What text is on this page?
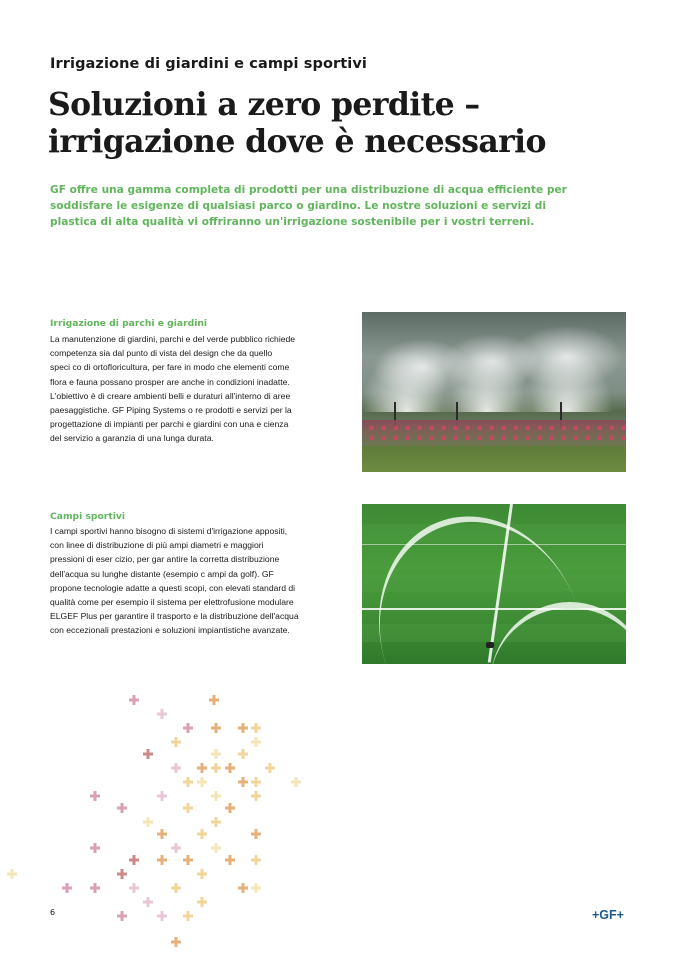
Irrigazione di giardini e campi sportivi
Soluzioni a zero perdite –
irrigazione dove è necessario
GF offre una gamma completa di prodotti per una distribuzione di acqua efficiente per
soddisfare le esigenze di qualsiasi parco o giardino. Le nostre soluzioni e servizi di
plastica di alta qualità vi offriranno un'irrigazione sostenibile per i vostri terreni.
Irrigazione di parchi e giardini
La manutenzione di giardini, parchi e del verde pubblico richiede
competenza sia dal punto di vista del design che da quello
speci co di ortofloricultura, per fare in modo che elementi come
flora e fauna possano prosper are anche in condizioni inadatte.
L'obiettivo è di creare ambienti belli e duraturi all'interno di aree
paesaggistiche. GF Piping Systems o re prodotti e servizi per la
progettazione di impianti per parchi e giardini con una e cienza
del servizio a garanzia di una lunga durata.
Campi sportivi
I campi sportivi hanno bisogno di sistemi d'irrigazione appositi,
con linee di distribuzione di più ampi diametri e maggiori
pressioni di eser cizio, per gar antire la corretta distribuzione
dell'acqua su lunghe distante (esempio c ampi da golf). GF
propone tecnologie adatte a questi scopi, con elevati standard di
qualità come per esempio il sistema per elettrofusione modulare
ELGEF Plus per garantire il trasporto e la distribuzione dell'acqua
con eccezionali prestazioni e soluzioni impiantistiche avanzate.
6	+GF+
